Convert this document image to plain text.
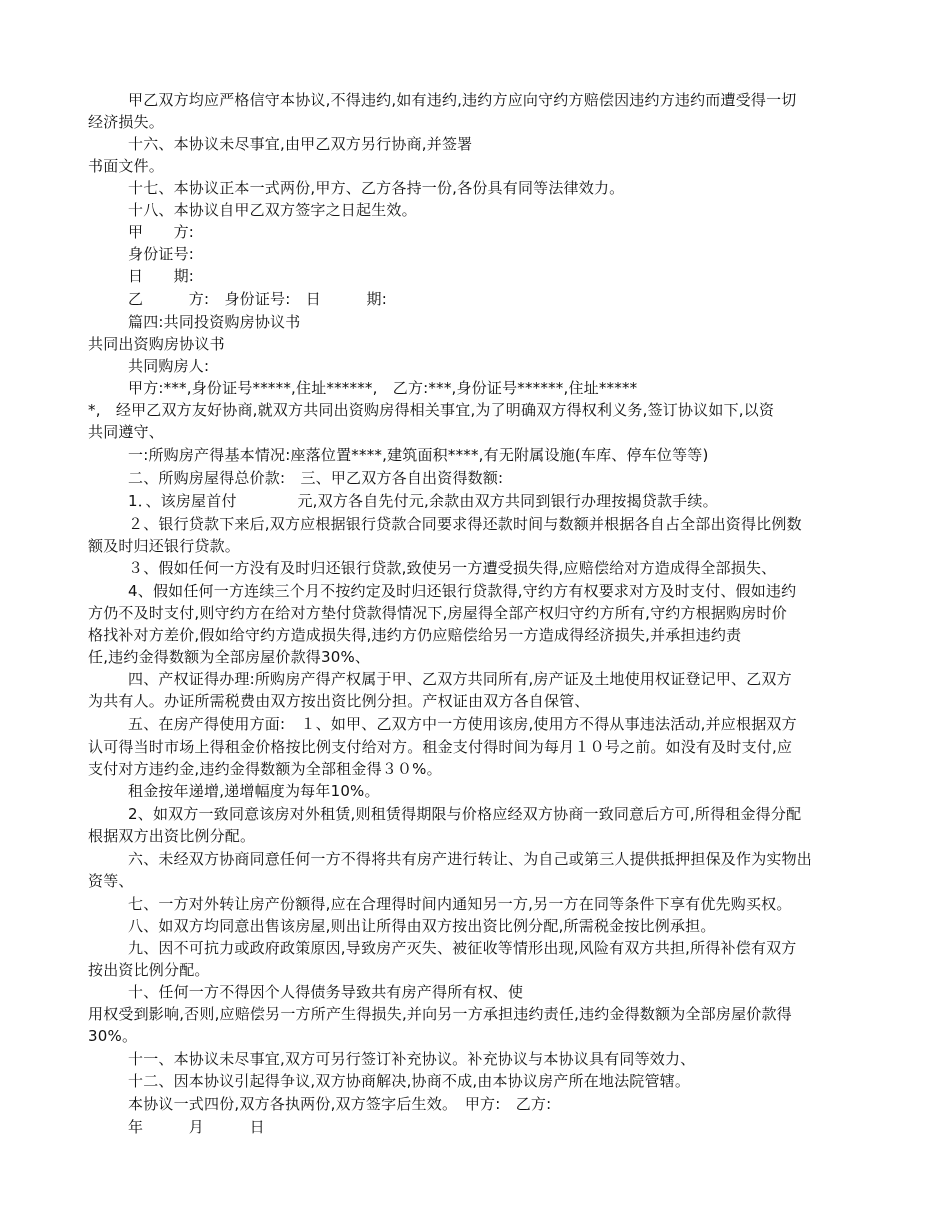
甲乙双方均应严格信守本协议,不得违约,如有违约,违约方应向守约方赔偿因违约方违约而遭受得一切
经济损失。
十六、本协议未尽事宜,由甲乙双方另行协商,并签署
书面文件。
十七、本协议正本一式两份,甲方、乙方各持一份,各份具有同等法律效力。
十八、本协议自甲乙双方签字之日起生效。
甲　　方:
身份证号:
日　　期:
乙　　　方:　身份证号:　日　　　期:
篇四:共同投资购房协议书
共同出资购房协议书
共同购房人:
甲方:***,身份证号*****,住址******,　乙方:***,身份证号******,住址*****
*,　经甲乙双方友好协商,就双方共同出资购房得相关事宜,为了明确双方得权利义务,签订协议如下,以资
共同遵守、
一:所购房产得基本情况:座落位置****,建筑面积****,有无附属设施(车库、停车位等等)
二、所购房屋得总价款:　三、甲乙双方各自出资得数额:
1．、该房屋首付　　　　元,双方各自先付元,余款由双方共同到银行办理按揭贷款手续。
２、银行贷款下来后,双方应根据银行贷款合同要求得还款时间与数额并根据各自占全部出资得比例数
额及时归还银行贷款。
３、假如任何一方没有及时归还银行贷款,致使另一方遭受损失得,应赔偿给对方造成得全部损失、
4、假如任何一方连续三个月不按约定及时归还银行贷款得,守约方有权要求对方及时支付、假如违约
方仍不及时支付,则守约方在给对方垫付贷款得情况下,房屋得全部产权归守约方所有,守约方根据购房时价
格找补对方差价,假如给守约方造成损失得,违约方仍应赔偿给另一方造成得经济损失,并承担违约责
任,违约金得数额为全部房屋价款得30%、
四、产权证得办理:所购房产得产权属于甲、乙双方共同所有,房产证及土地使用权证登记甲、乙双方
为共有人。办证所需税费由双方按出资比例分担。产权证由双方各自保管、
五、在房产得使用方面:　１、如甲、乙双方中一方使用该房,使用方不得从事违法活动,并应根据双方
认可得当时市场上得租金价格按比例支付给对方。租金支付得时间为每月１０号之前。如没有及时支付,应
支付对方违约金,违约金得数额为全部租金得３０%。
租金按年递增,递增幅度为每年10%。
2、如双方一致同意该房对外租赁,则租赁得期限与价格应经双方协商一致同意后方可,所得租金得分配
根据双方出资比例分配。
六、未经双方协商同意任何一方不得将共有房产进行转让、为自己或第三人提供抵押担保及作为实物出
资等、
七、一方对外转让房产份额得,应在合理得时间内通知另一方,另一方在同等条件下享有优先购买权。
八、如双方均同意出售该房屋,则出让所得由双方按出资比例分配,所需税金按比例承担。
九、因不可抗力或政府政策原因,导致房产灭失、被征收等情形出现,风险有双方共担,所得补偿有双方
按出资比例分配。
十、任何一方不得因个人得债务导致共有房产得所有权、使
用权受到影响,否则,应赔偿另一方所产生得损失,并向另一方承担违约责任,违约金得数额为全部房屋价款得
30%。
十一、本协议未尽事宜,双方可另行签订补充协议。补充协议与本协议具有同等效力、
十二、因本协议引起得争议,双方协商解决,协商不成,由本协议房产所在地法院管辖。
本协议一式四份,双方各执两份,双方签字后生效。　甲方:　乙方:
年　　　月　　　日
